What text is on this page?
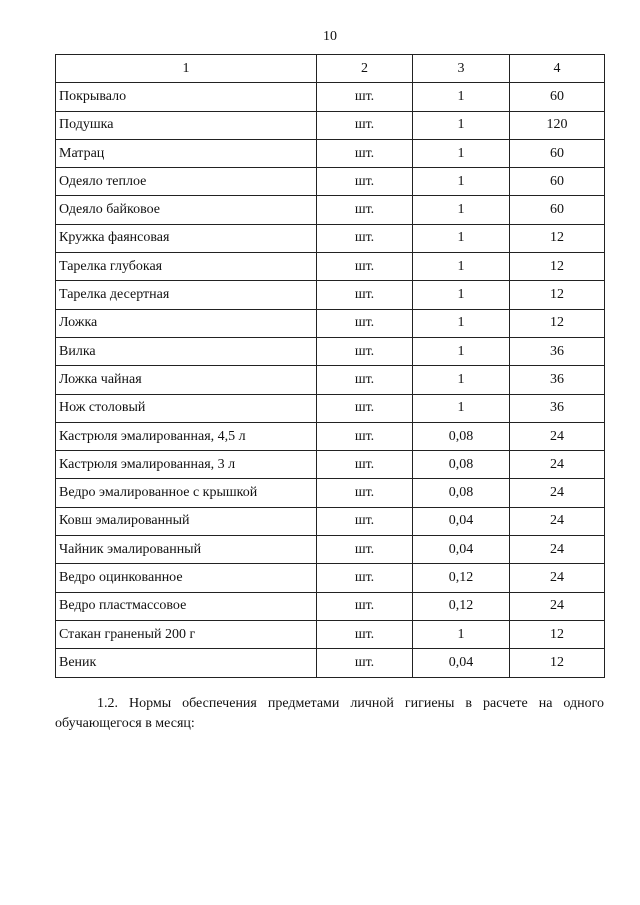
10
1	2	3	4
Покрывало	шт.	1	60
Подушка	шт.	1	120
Матрац	шт.	1	60
Одеяло теплое	шт.	1	60
Одеяло байковое	шт.	1	60
Кружка фаянсовая	шт.	1	12
Тарелка глубокая	шт.	1	12
Тарелка десертная	шт.	1	12
Ложка	шт.	1	12
Вилка	шт.	1	36
Ложка чайная	шт.	1	36
Нож столовый	шт.	1	36
Кастрюля эмалированная, 4,5 л	шт.	0,08	24
Кастрюля эмалированная, 3 л	шт.	0,08	24
Ведро эмалированное с крышкой	шт.	0,08	24
Ковш эмалированный	шт.	0,04	24
Чайник эмалированный	шт.	0,04	24
Ведро оцинкованное	шт.	0,12	24
Ведро пластмассовое	шт.	0,12	24
Стакан граненый 200 г	шт.	1	12
Веник	шт.	0,04	12
1.2. Нормы обеспечения предметами личной гигиены в расчете на одного обучающегося в месяц:
